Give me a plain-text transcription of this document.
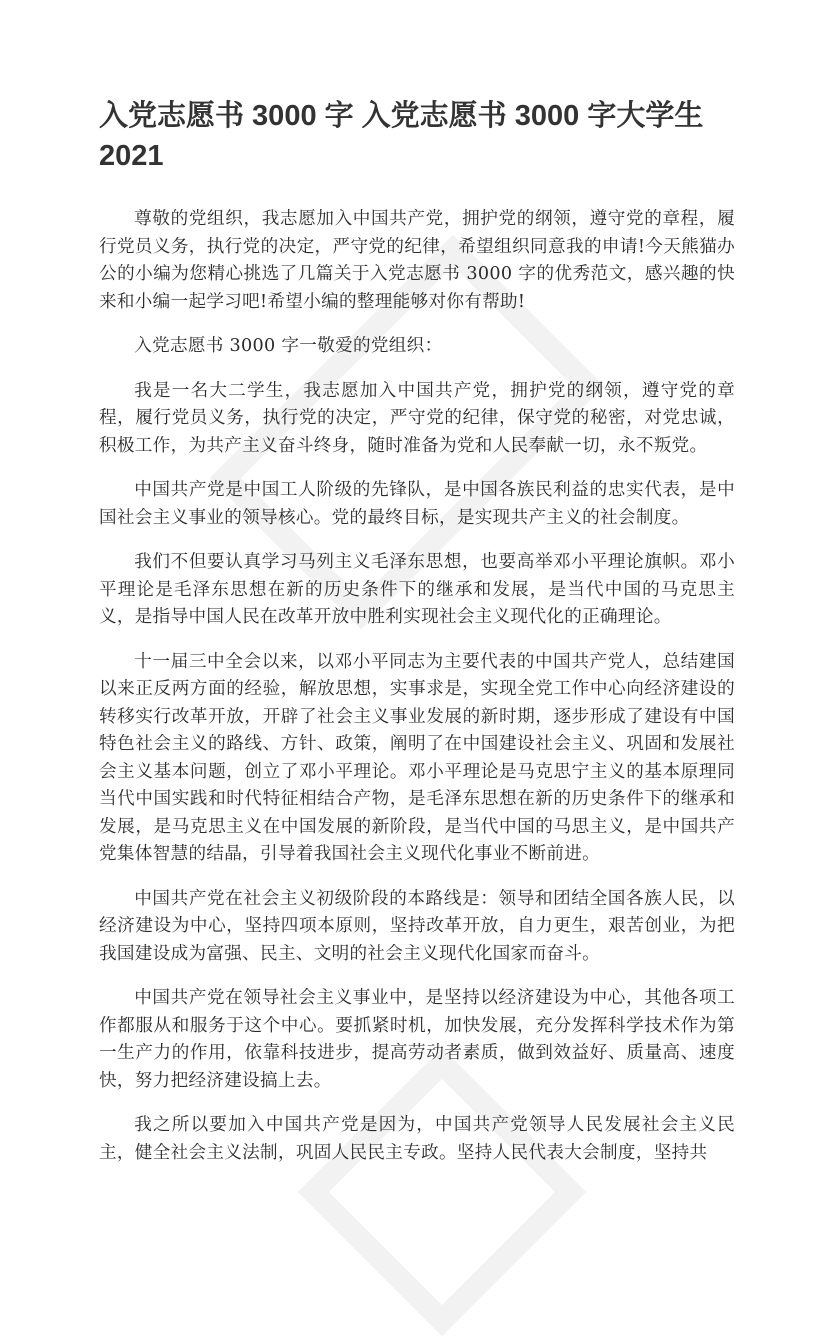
入党志愿书 3000 字 入党志愿书 3000 字大学生 2021

尊敬的党组织，我志愿加入中国共产党，拥护党的纲领，遵守党的章程，履行党员义务，执行党的决定，严守党的纪律，希望组织同意我的申请!今天熊猫办公的小编为您精心挑选了几篇关于入党志愿书 3000 字的优秀范文，感兴趣的快来和小编一起学习吧!希望小编的整理能够对你有帮助!

入党志愿书 3000 字一敬爱的党组织：

我是一名大二学生，我志愿加入中国共产党，拥护党的纲领，遵守党的章程，履行党员义务，执行党的决定，严守党的纪律，保守党的秘密，对党忠诚，积极工作，为共产主义奋斗终身，随时准备为党和人民奉献一切，永不叛党。

中国共产党是中国工人阶级的先锋队，是中国各族民利益的忠实代表，是中国社会主义事业的领导核心。党的最终目标，是实现共产主义的社会制度。

我们不但要认真学习马列主义毛泽东思想，也要高举邓小平理论旗帜。邓小平理论是毛泽东思想在新的历史条件下的继承和发展，是当代中国的马克思主义，是指导中国人民在改革开放中胜利实现社会主义现代化的正确理论。

十一届三中全会以来，以邓小平同志为主要代表的中国共产党人，总结建国以来正反两方面的经验，解放思想，实事求是，实现全党工作中心向经济建设的转移实行改革开放，开辟了社会主义事业发展的新时期，逐步形成了建设有中国特色社会主义的路线、方针、政策，阐明了在中国建设社会主义、巩固和发展社会主义基本问题，创立了邓小平理论。邓小平理论是马克思宁主义的基本原理同当代中国实践和时代特征相结合产物，是毛泽东思想在新的历史条件下的继承和发展，是马克思主义在中国发展的新阶段，是当代中国的马思主义，是中国共产党集体智慧的结晶，引导着我国社会主义现代化事业不断前进。

中国共产党在社会主义初级阶段的本路线是：领导和团结全国各族人民，以经济建设为中心，坚持四项本原则，坚持改革开放，自力更生，艰苦创业，为把我国建设成为富强、民主、文明的社会主义现代化国家而奋斗。

中国共产党在领导社会主义事业中，是坚持以经济建设为中心，其他各项工作都服从和服务于这个中心。要抓紧时机，加快发展，充分发挥科学技术作为第一生产力的作用，依靠科技进步，提高劳动者素质，做到效益好、质量高、速度快，努力把经济建设搞上去。

我之所以要加入中国共产党是因为，中国共产党领导人民发展社会主义民主，健全社会主义法制，巩固人民民主专政。坚持人民代表大会制度，坚持共
